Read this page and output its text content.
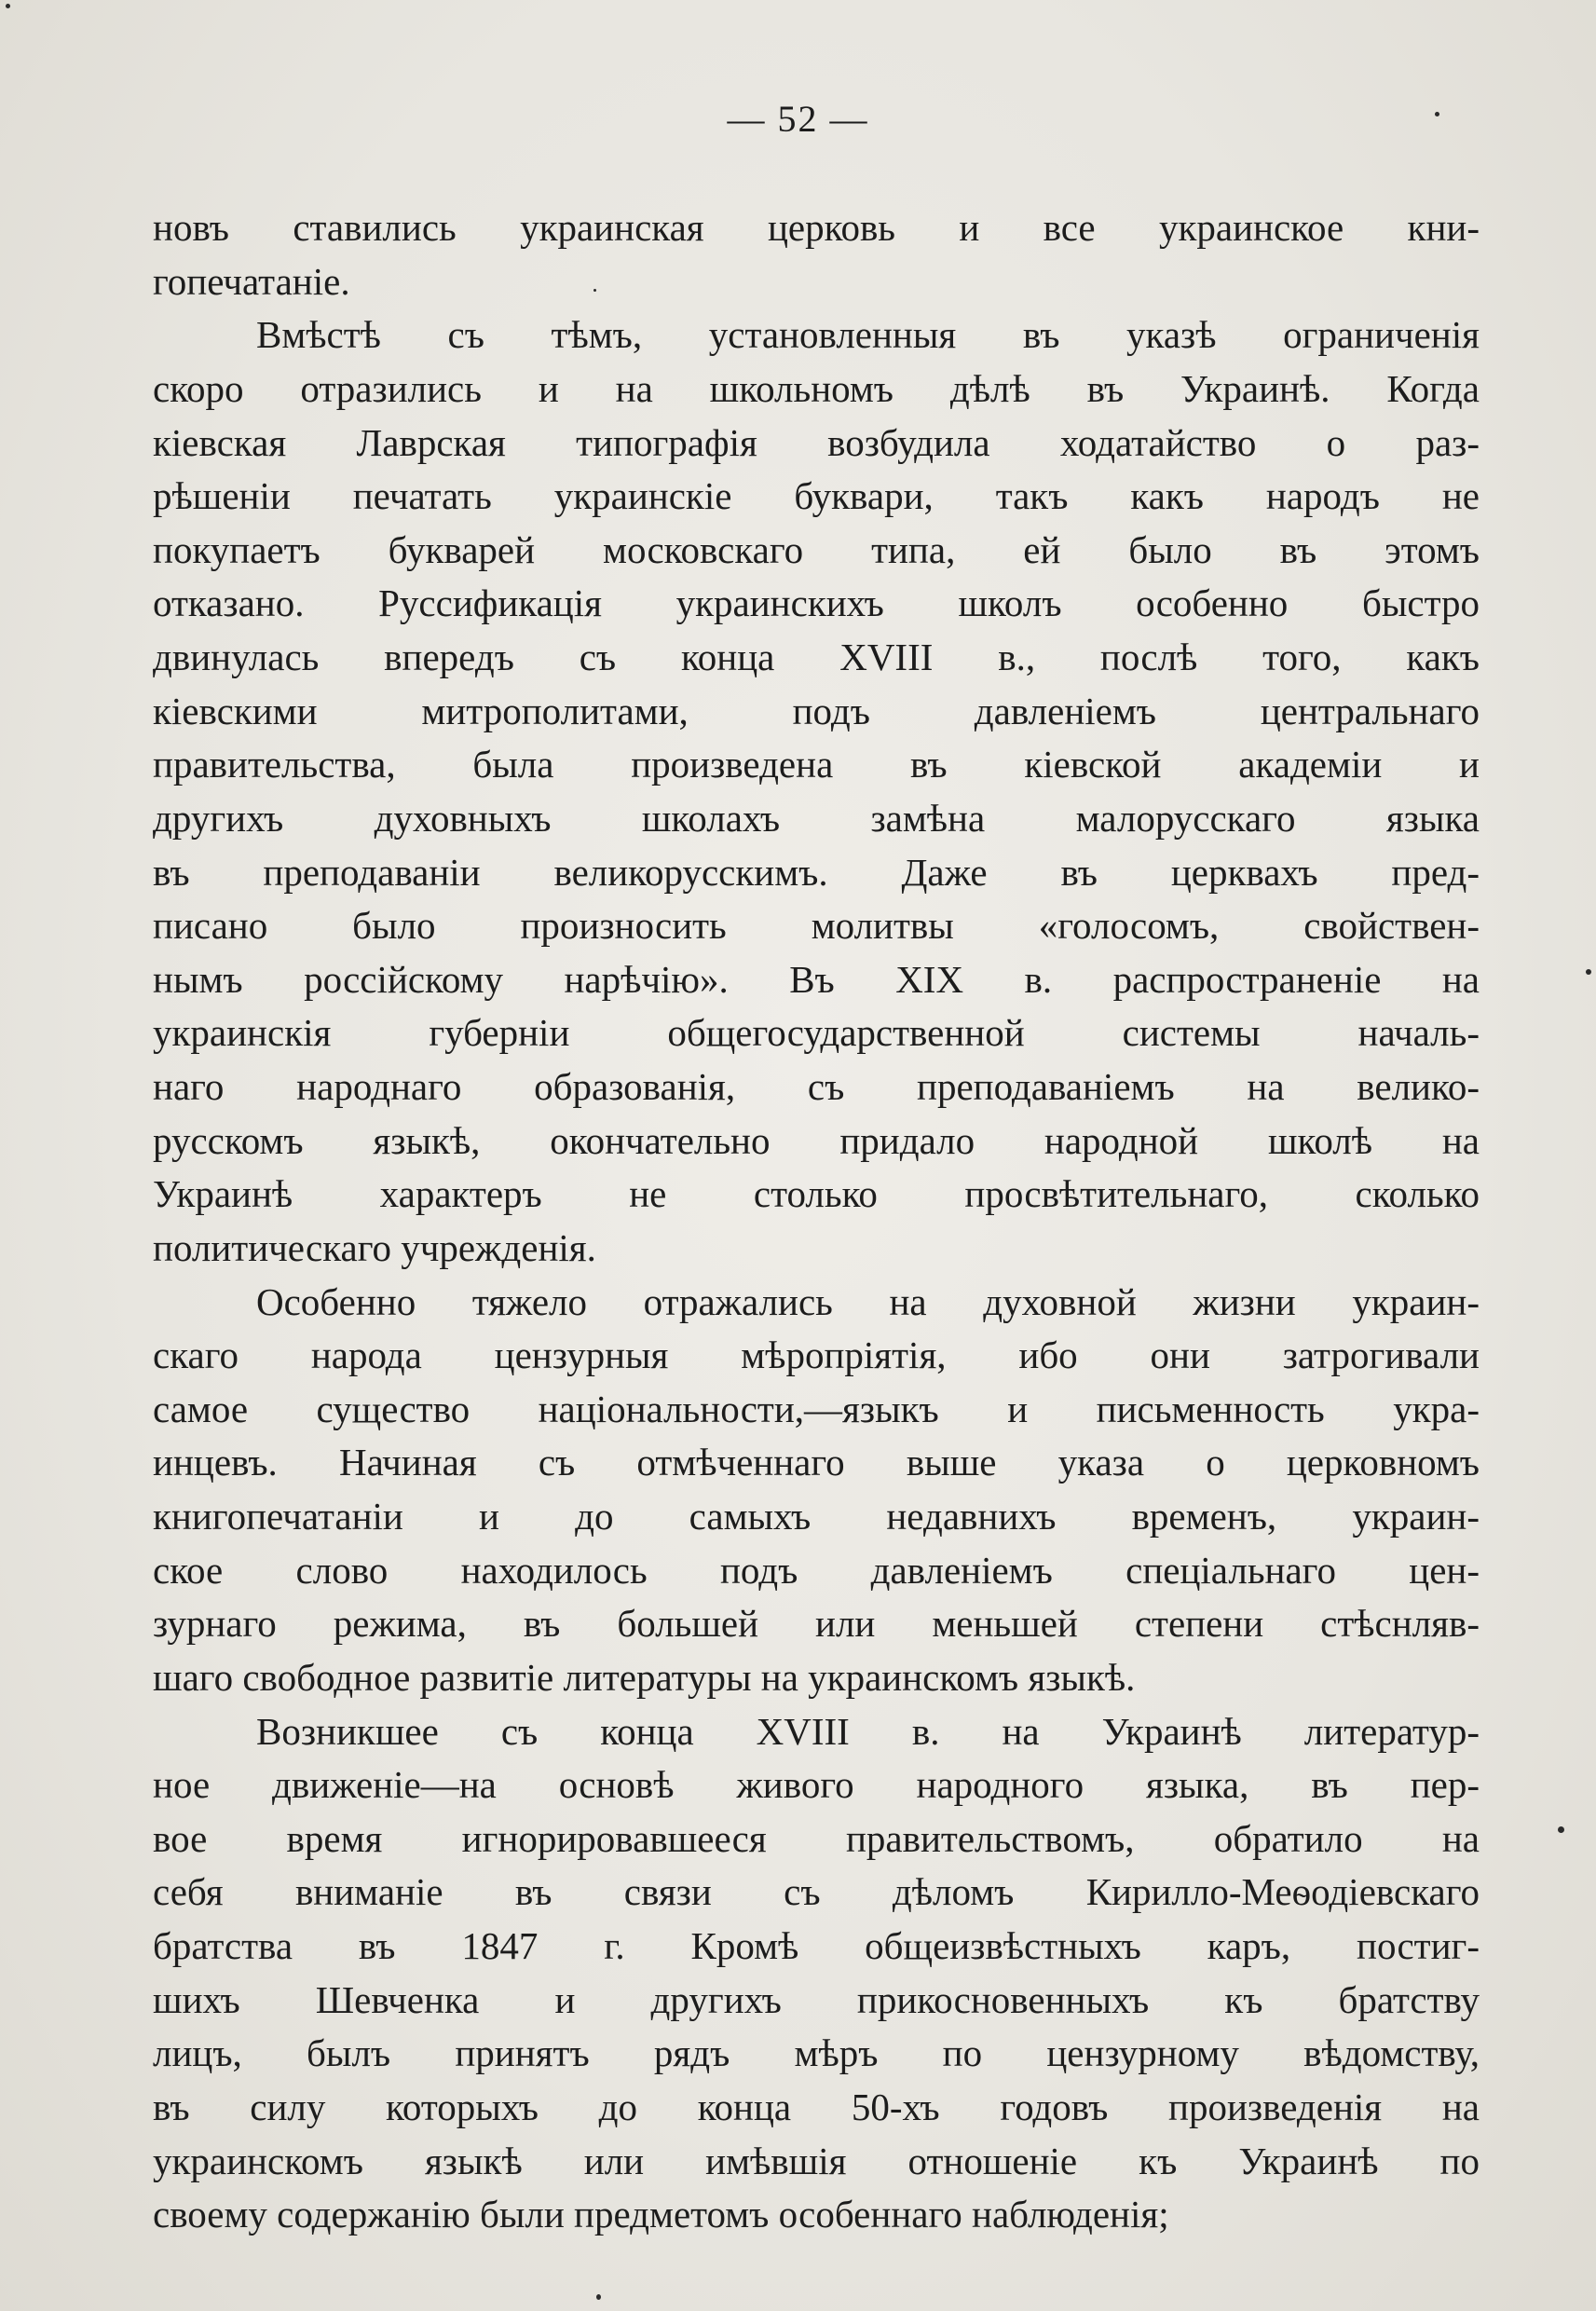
— 52 —
новъ ставились украинская церковь и все украинское кни-
гопечатаніе.
Вмѣстѣ съ тѣмъ, установленныя въ указѣ ограниченія
скоро отразились и на школьномъ дѣлѣ въ Украинѣ. Когда
кіевская Лаврская типографія возбудила ходатайство о раз-
рѣшеніи печатать украинскіе буквари, такъ какъ народъ не
покупаетъ букварей московскаго типа, ей было въ этомъ
отказано. Руссификація украинскихъ школъ особенно быстро
двинулась впередъ съ конца XVIII в., послѣ того, какъ
кіевскими митрополитами, подъ давленіемъ центральнаго
правительства, была произведена въ кіевской академіи и
другихъ духовныхъ школахъ замѣна малорусскаго языка
въ преподаваніи великорусскимъ. Даже въ церквахъ пред-
писано было произносить молитвы «голосомъ, свойствен-
нымъ россійскому нарѣчію». Въ XIX в. распространеніе на
украинскія губерніи общегосударственной системы началь-
наго народнаго образованія, съ преподаваніемъ на велико-
русскомъ языкѣ, окончательно придало народной школѣ на
Украинѣ характеръ не столько просвѣтительнаго, сколько
политическаго учрежденія.
Особенно тяжело отражались на духовной жизни украин-
скаго народа цензурныя мѣропріятія, ибо они затрогивали
самое существо національности,—языкъ и письменность укра-
инцевъ. Начиная съ отмѣченнаго выше указа о церковномъ
книгопечатаніи и до самыхъ недавнихъ временъ, украин-
ское слово находилось подъ давленіемъ спеціальнаго цен-
зурнаго режима, въ большей или меньшей степени стѣснляв-
шаго свободное развитіе литературы на украинскомъ языкѣ.
Возникшее съ конца XVIII в. на Украинѣ литератур-
ное движеніе—на основѣ живого народного языка, въ пер-
вое время игнорировавшееся правительствомъ, обратило на
себя вниманіе въ связи съ дѣломъ Кирилло-Меѳодіевскаго
братства въ 1847 г. Кромѣ общеизвѣстныхъ каръ, постиг-
шихъ Шевченка и другихъ прикосновенныхъ къ братству
лицъ, былъ принятъ рядъ мѣръ по цензурному вѣдомству,
въ силу которыхъ до конца 50-хъ годовъ произведенія на
украинскомъ языкѣ или имѣвшія отношеніе къ Украинѣ по
своему содержанію были предметомъ особеннаго наблюденія;
